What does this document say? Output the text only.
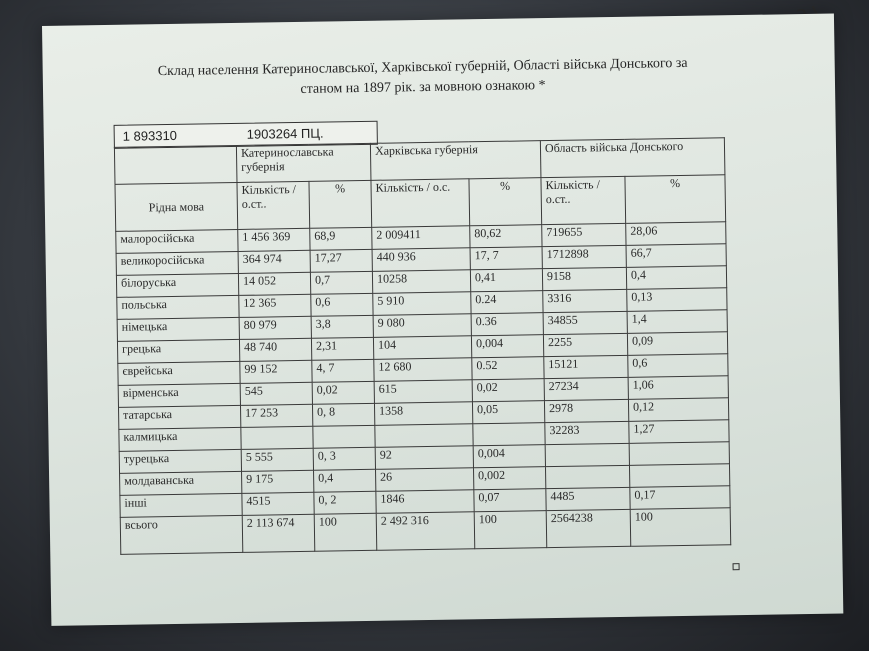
Склад населення Катеринославської, Харківської губерній, Області війська Донського за
станом на 1897 рік. за мовною ознакою *
1 893310	1903264 ПЦ.
	Катеринославська губернія		Харківська губернія		Область війська Донського	
Рідна мова	Кількість / о.ст..	%	Кількість / о.с.	%	Кількість / о.ст..	%
малоросійська	1 456 369	68,9	2 009411	80,62	719655	28,06
великоросійська	364 974	17,27	440 936	17, 7	1712898	66,7
білоруська	14 052	0,7	10258	0,41	9158	0,4
польська	12 365	0,6	5 910	0.24	3316	0,13
німецька	80 979	3,8	9 080	0.36	34855	1,4
грецька	48 740	2,31	104	0,004	2255	0,09
єврейська	99 152	4, 7	12 680	0.52	15121	0,6
вірменська	545	0,02	615	0,02	27234	1,06
татарська	17 253	0, 8	1358	0,05	2978	0,12
калмицька					32283	1,27
турецька	5 555	0, 3	92	0,004		
молдаванська	9 175	0,4	26	0,002		
інші	4515	0, 2	1846	0,07	4485	0,17
всього	2 113 674	100	2 492 316	100	2564238	100
